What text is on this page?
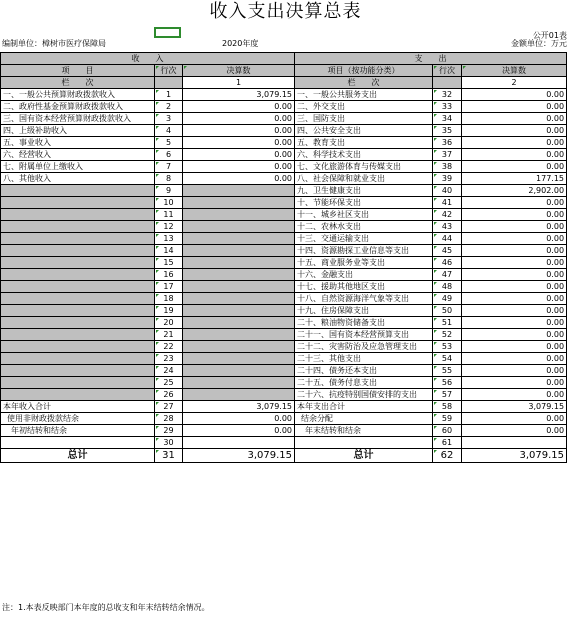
收入支出决算总表
公开01表
编制单位：樟树市医疗保障局	2020年度	金额单位：万元
收　　入			支　　出		
项　　目	行次	决算数	项目（按功能分类）	行次	决算数
栏　　次		1	栏　　次		2
一、一般公共预算财政拨款收入	1	3,079.15	一、一般公共服务支出	32	0.00
二、政府性基金预算财政拨款收入	2	0.00	二、外交支出	33	0.00
三、国有资本经营预算财政拨款收入	3	0.00	三、国防支出	34	0.00
四、上级补助收入	4	0.00	四、公共安全支出	35	0.00
五、事业收入	5	0.00	五、教育支出	36	0.00
六、经营收入	6	0.00	六、科学技术支出	37	0.00
七、附属单位上缴收入	7	0.00	七、文化旅游体育与传媒支出	38	0.00
八、其他收入	8	0.00	八、社会保障和就业支出	39	177.15
	9		九、卫生健康支出	40	2,902.00
	10		十、节能环保支出	41	0.00
	11		十一、城乡社区支出	42	0.00
	12		十二、农林水支出	43	0.00
	13		十三、交通运输支出	44	0.00
	14		十四、资源勘探工业信息等支出	45	0.00
	15		十五、商业服务业等支出	46	0.00
	16		十六、金融支出	47	0.00
	17		十七、援助其他地区支出	48	0.00
	18		十八、自然资源海洋气象等支出	49	0.00
	19		十九、住房保障支出	50	0.00
	20		二十、粮油物资储备支出	51	0.00
	21		二十一、国有资本经营预算支出	52	0.00
	22		二十二、灾害防治及应急管理支出	53	0.00
	23		二十三、其他支出	54	0.00
	24		二十四、债务还本支出	55	0.00
	25		二十五、债务付息支出	56	0.00
	26		二十六、抗疫特别国债安排的支出	57	0.00
本年收入合计	27	3,079.15	本年支出合计	58	3,079.15
使用非财政拨款结余	28	0.00	结余分配	59	0.00
年初结转和结余	29	0.00	年末结转和结余	60	0.00
	30			61	
总计	31	3,079.15	总计	62	3,079.15
注：1.本表反映部门本年度的总收支和年末结转结余情况。
